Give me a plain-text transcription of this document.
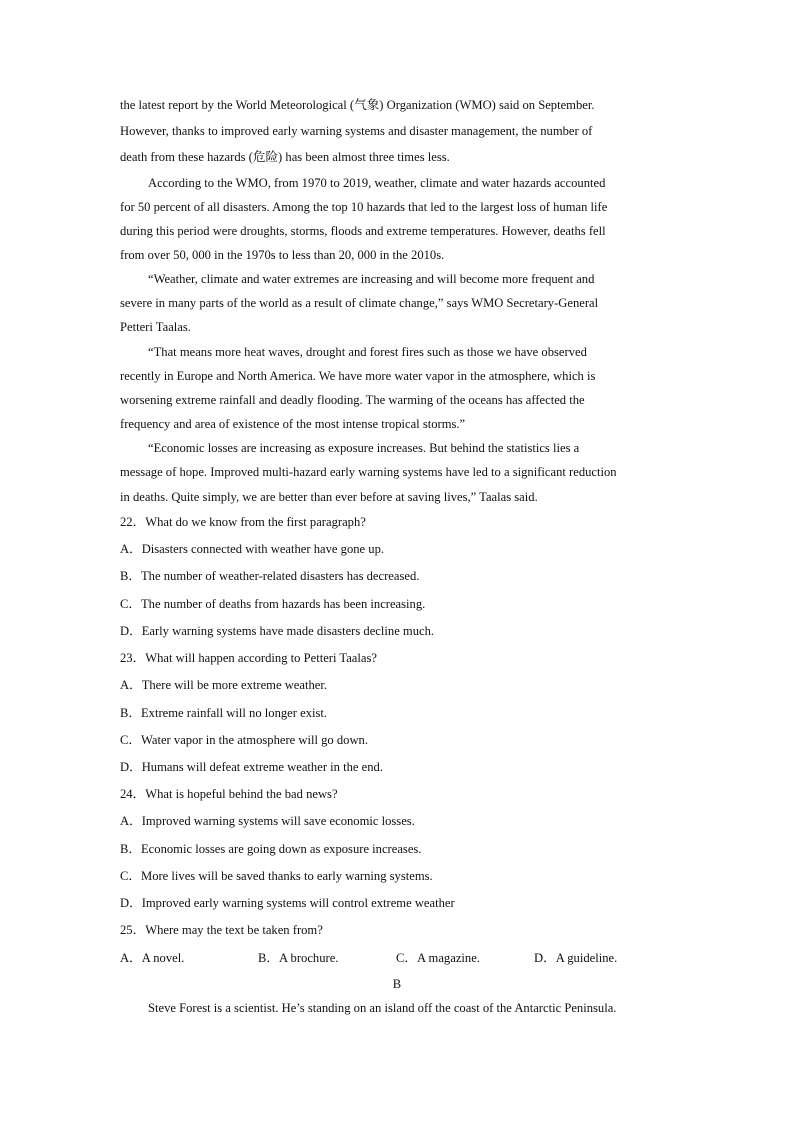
the latest report by the World Meteorological (气象) Organization (WMO) said on September.

However, thanks to improved early warning systems and disaster management, the number of

death from these hazards (危险) has been almost three times less.

According to the WMO, from 1970 to 2019, weather, climate and water hazards accounted

for 50 percent of all disasters. Among the top 10 hazards that led to the largest loss of human life

during this period were droughts, storms, floods and extreme temperatures. However, deaths fell

from over 50, 000 in the 1970s to less than 20, 000 in the 2010s.

“Weather, climate and water extremes are increasing and will become more frequent and

severe in many parts of the world as a result of climate change,” says WMO Secretary-General

Petteri Taalas.

“That means more heat waves, drought and forest fires such as those we have observed

recently in Europe and North America. We have more water vapor in the atmosphere, which is

worsening extreme rainfall and deadly flooding. The warming of the oceans has affected the

frequency and area of existence of the most intense tropical storms.”

“Economic losses are increasing as exposure increases. But behind the statistics lies a

message of hope. Improved multi-hazard early warning systems have led to a significant reduction

in deaths. Quite simply, we are better than ever before at saving lives,” Taalas said.

22．What do we know from the first paragraph?

A．Disasters connected with weather have gone up.

B．The number of weather-related disasters has decreased.

C．The number of deaths from hazards has been increasing.

D．Early warning systems have made disasters decline much.

23．What will happen according to Petteri Taalas?

A．There will be more extreme weather.

B．Extreme rainfall will no longer exist.

C．Water vapor in the atmosphere will go down.

D．Humans will defeat extreme weather in the end.

24．What is hopeful behind the bad news?

A．Improved warning systems will save economic losses.

B．Economic losses are going down as exposure increases.

C．More lives will be saved thanks to early warning systems.

D．Improved early warning systems will control extreme weather

25．Where may the text be taken from?

A．A novel.	B．A brochure.	C．A magazine.	D．A guideline.
B

Steve Forest is a scientist. He’s standing on an island off the coast of the Antarctic Peninsula.
